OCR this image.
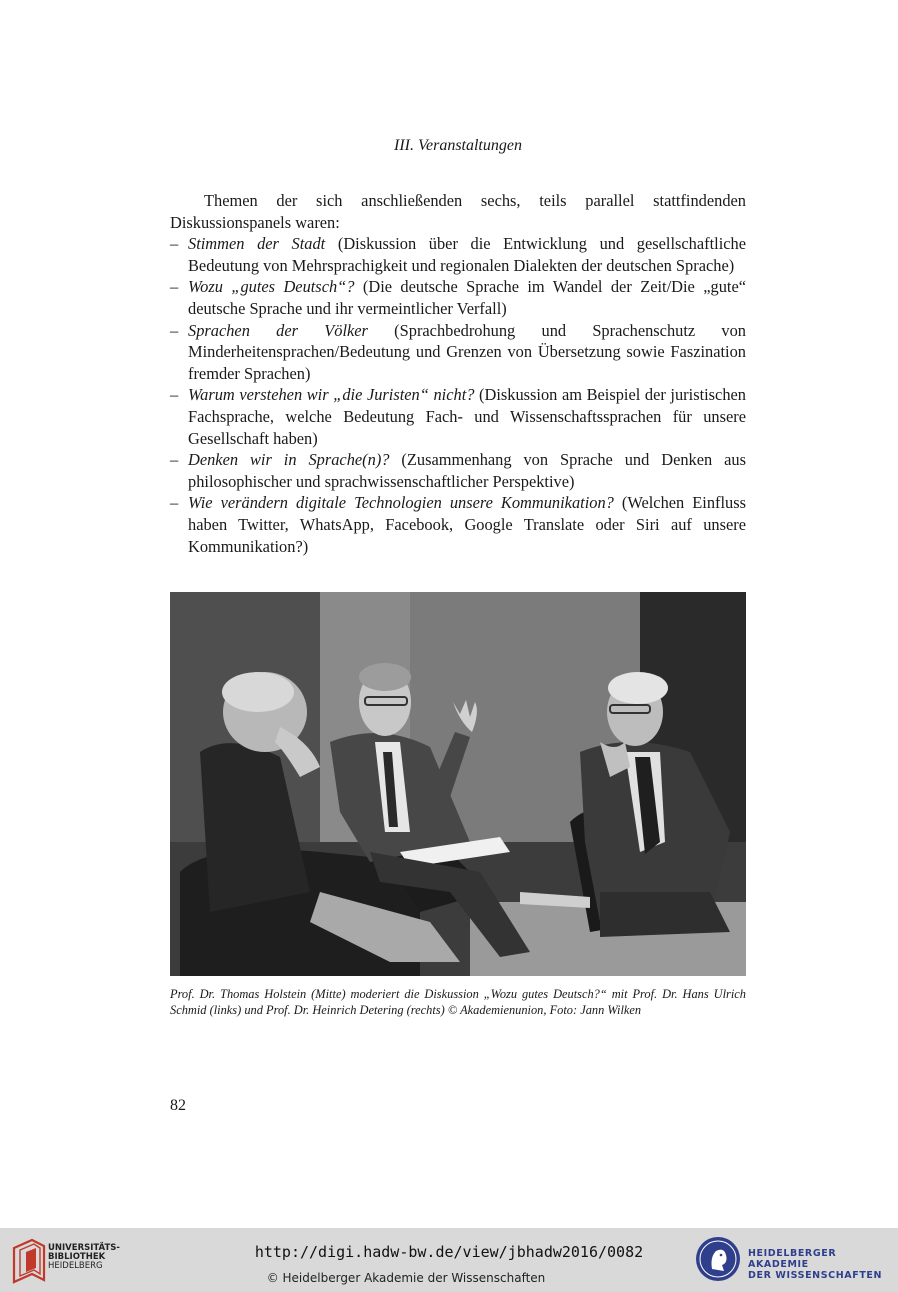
III. Veranstaltungen

Themen der sich anschließenden sechs, teils parallel stattfindenden Diskussionspanels waren:

– Stimmen der Stadt (Diskussion über die Entwicklung und gesellschaftliche Bedeutung von Mehrsprachigkeit und regionalen Dialekten der deutschen Sprache)
– Wozu „gutes Deutsch“? (Die deutsche Sprache im Wandel der Zeit/Die „gute“ deutsche Sprache und ihr vermeintlicher Verfall)
– Sprachen der Völker (Sprachbedrohung und Sprachenschutz von Minderheitensprachen/Bedeutung und Grenzen von Übersetzung sowie Faszination fremder Sprachen)
– Warum verstehen wir „die Juristen“ nicht? (Diskussion am Beispiel der juristischen Fachsprache, welche Bedeutung Fach- und Wissenschaftssprachen für unsere Gesellschaft haben)
– Denken wir in Sprache(n)? (Zusammenhang von Sprache und Denken aus philosophischer und sprachwissenschaftlicher Perspektive)
– Wie verändern digitale Technologien unsere Kommunikation? (Welchen Einfluss haben Twitter, WhatsApp, Facebook, Google Translate oder Siri auf unsere Kommunikation?)
Prof. Dr. Thomas Holstein (Mitte) moderiert die Diskussion „Wozu gutes Deutsch?“ mit Prof. Dr. Hans Ulrich Schmid (links) und Prof. Dr. Heinrich Detering (rechts) © Akademienunion, Foto: Jann Wilken
82
UNIVERSITÄTS-
BIBLIOTHEK
HEIDELBERG
http://digi.hadw-bw.de/view/jbhadw2016/0082
© Heidelberger Akademie der Wissenschaften
HEIDELBERGER AKADEMIE
DER WISSENSCHAFTEN
